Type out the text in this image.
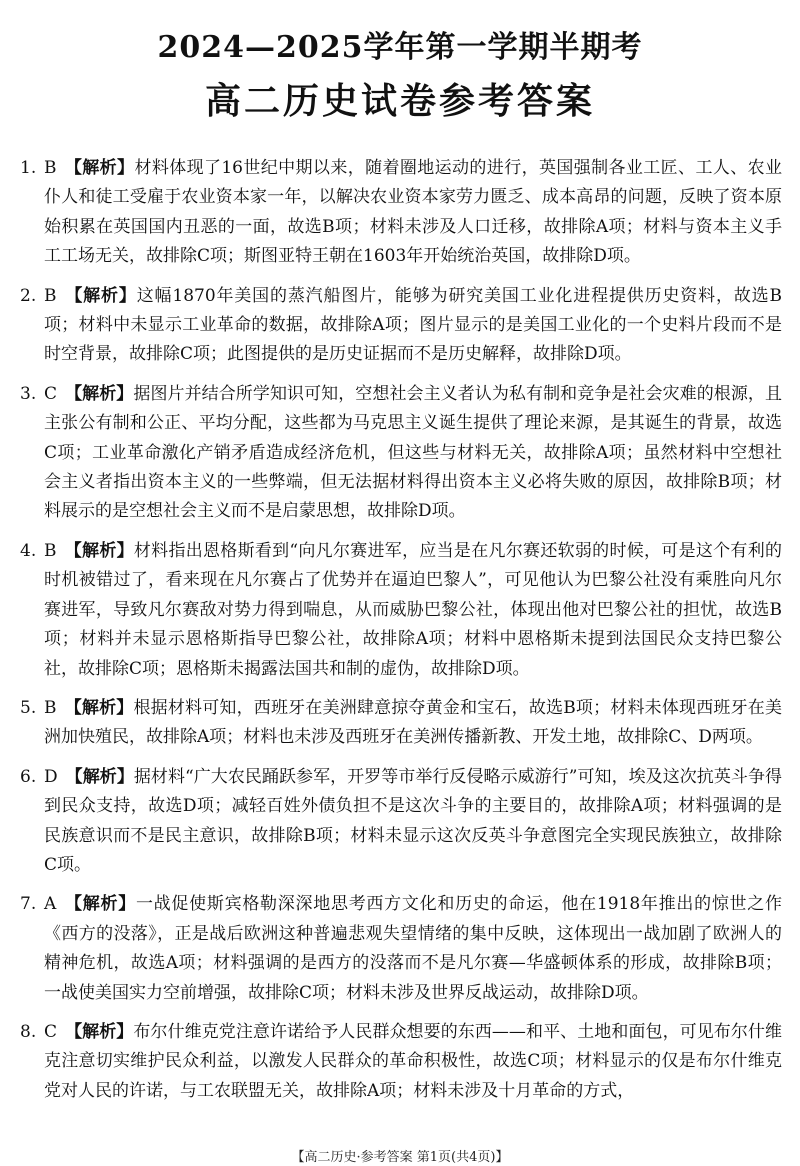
2024—2025学年第一学期半期考
高二历史试卷参考答案
1. B 【解析】材料体现了16世纪中期以来，随着圈地运动的进行，英国强制各业工匠、工人、农业仆人和徒工受雇于农业资本家一年，以解决农业资本家劳力匮乏、成本高昂的问题，反映了资本原始积累在英国国内丑恶的一面，故选B项；材料未涉及人口迁移，故排除A项；材料与资本主义手工工场无关，故排除C项；斯图亚特王朝在1603年开始统治英国，故排除D项。
2. B 【解析】这幅1870年美国的蒸汽船图片，能够为研究美国工业化进程提供历史资料，故选B项；材料中未显示工业革命的数据，故排除A项；图片显示的是美国工业化的一个史料片段而不是时空背景，故排除C项；此图提供的是历史证据而不是历史解释，故排除D项。
3. C 【解析】据图片并结合所学知识可知，空想社会主义者认为私有制和竞争是社会灾难的根源，且主张公有制和公正、平均分配，这些都为马克思主义诞生提供了理论来源，是其诞生的背景，故选C项；工业革命激化产销矛盾造成经济危机，但这些与材料无关，故排除A项；虽然材料中空想社会主义者指出资本主义的一些弊端，但无法据材料得出资本主义必将失败的原因，故排除B项；材料展示的是空想社会主义而不是启蒙思想，故排除D项。
4. B 【解析】材料指出恩格斯看到“向凡尔赛进军，应当是在凡尔赛还软弱的时候，可是这个有利的时机被错过了，看来现在凡尔赛占了优势并在逼迫巴黎人”，可见他认为巴黎公社没有乘胜向凡尔赛进军，导致凡尔赛敌对势力得到喘息，从而威胁巴黎公社，体现出他对巴黎公社的担忧，故选B项；材料并未显示恩格斯指导巴黎公社，故排除A项；材料中恩格斯未提到法国民众支持巴黎公社，故排除C项；恩格斯未揭露法国共和制的虚伪，故排除D项。
5. B 【解析】根据材料可知，西班牙在美洲肆意掠夺黄金和宝石，故选B项；材料未体现西班牙在美洲加快殖民，故排除A项；材料也未涉及西班牙在美洲传播新教、开发土地，故排除C、D两项。
6. D 【解析】据材料“广大农民踊跃参军，开罗等市举行反侵略示威游行”可知，埃及这次抗英斗争得到民众支持，故选D项；减轻百姓外债负担不是这次斗争的主要目的，故排除A项；材料强调的是民族意识而不是民主意识，故排除B项；材料未显示这次反英斗争意图完全实现民族独立，故排除C项。
7. A 【解析】一战促使斯宾格勒深深地思考西方文化和历史的命运，他在1918年推出的惊世之作《西方的没落》，正是战后欧洲这种普遍悲观失望情绪的集中反映，这体现出一战加剧了欧洲人的精神危机，故选A项；材料强调的是西方的没落而不是凡尔赛—华盛顿体系的形成，故排除B项；一战使美国实力空前增强，故排除C项；材料未涉及世界反战运动，故排除D项。
8. C 【解析】布尔什维克党注意许诺给予人民群众想要的东西——和平、土地和面包，可见布尔什维克注意切实维护民众利益，以激发人民群众的革命积极性，故选C项；材料显示的仅是布尔什维克党对人民的许诺，与工农联盟无关，故排除A项；材料未涉及十月革命的方式，
【高二历史·参考答案 第1页(共4页)】
